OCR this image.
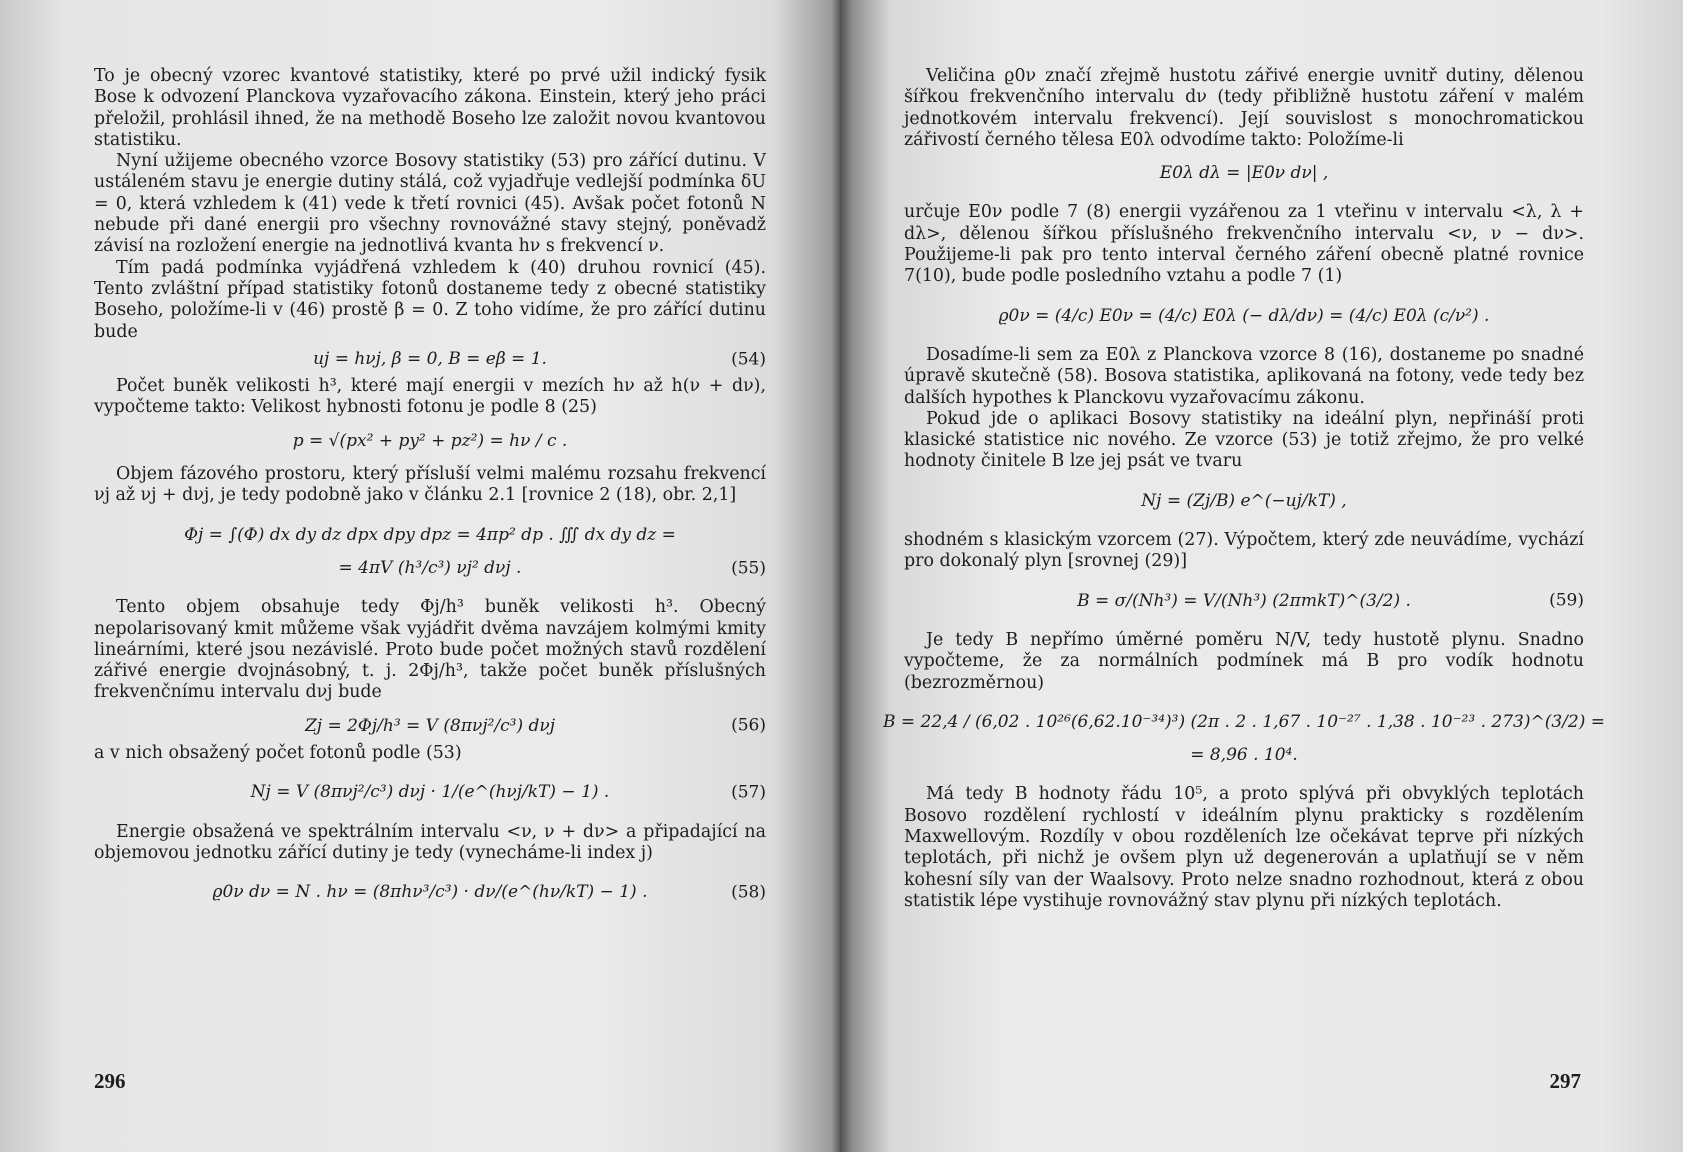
To je obecný vzorec kvantové statistiky, které po prvé užil indický fysik Bose k odvození Planckova vyzařovacího zákona. Einstein, který jeho práci přeložil, prohlásil ihned, že na methodě Boseho lze založit novou kvantovou statistiku.

Nyní užijeme obecného vzorce Bosovy statistiky (53) pro zářící dutinu. V ustáleném stavu je energie dutiny stálá, což vyjadřuje vedlejší podmínka δU = 0, která vzhledem k (41) vede k třetí rovnici (45). Avšak počet fotonů N nebude při dané energii pro všechny rovnovážné stavy stejný, poněvadž závisí na rozložení energie na jednotlivá kvanta hν s frekvencí ν.

Tím padá podmínka vyjádřená vzhledem k (40) druhou rovnicí (45). Tento zvláštní případ statistiky fotonů dostaneme tedy z obecné statistiky Boseho, položíme-li v (46) prostě β = 0. Z toho vidíme, že pro zářící dutinu bude

uj = hνj, β = 0, B = eβ = 1.	(54)

Počet buněk velikosti h³, které mají energii v mezích hν až h(ν + dν), vypočteme takto: Velikost hybnosti fotonu je podle 8 (25)

p = √(px² + py² + pz²) = hν / c .

Objem fázového prostoru, který přísluší velmi malému rozsahu frekvencí νj až νj + dνj, je tedy podobně jako v článku 2.1 [rovnice 2 (18), obr. 2,1]

Φj = ∫(Φ) dx dy dz dpx dpy dpz = 4πp² dp . ∭ dx dy dz =
= 4πV (h³/c³) νj² dνj .	(55)

Tento objem obsahuje tedy Φj/h³ buněk velikosti h³. Obecný nepolarisovaný kmit můžeme však vyjádřit dvěma navzájem kolmými kmity lineárními, které jsou nezávislé. Proto bude počet možných stavů rozdělení zářivé energie dvojnásobný, t. j. 2Φj/h³, takže počet buněk příslušných frekvenčnímu intervalu dνj bude

Zj = 2Φj/h³ = V (8πνj²/c³) dνj	(56)

a v nich obsažený počet fotonů podle (53)

Nj = V (8πνj²/c³) dνj · 1/(e^(hνj/kT) − 1) .	(57)

Energie obsažená ve spektrálním intervalu <ν, ν + dν> a připadající na objemovou jednotku zářící dutiny je tedy (vynecháme-li index j)

ϱ0ν dν = N . hν = (8πhν³/c³) · dν/(e^(hν/kT) − 1) .	(58)
296

Veličina ϱ0ν značí zřejmě hustotu zářivé energie uvnitř dutiny, dělenou šířkou frekvenčního intervalu dν (tedy přibližně hustotu záření v malém jednotkovém intervalu frekvencí). Její souvislost s monochromatickou zářivostí černého tělesa E0λ odvodíme takto: Položíme-li

E0λ dλ = |E0ν dν| ,

určuje E0ν podle 7 (8) energii vyzářenou za 1 vteřinu v intervalu <λ, λ + dλ>, dělenou šířkou příslušného frekvenčního intervalu <ν, ν − dν>. Použijeme-li pak pro tento interval černého záření obecně platné rovnice 7(10), bude podle posledního vztahu a podle 7 (1)

ϱ0ν = (4/c) E0ν = (4/c) E0λ (− dλ/dν) = (4/c) E0λ (c/ν²) .

Dosadíme-li sem za E0λ z Planckova vzorce 8 (16), dostaneme po snadné úpravě skutečně (58). Bosova statistika, aplikovaná na fotony, vede tedy bez dalších hypothes k Planckovu vyzařovacímu zákonu.

Pokud jde o aplikaci Bosovy statistiky na ideální plyn, nepřináší proti klasické statistice nic nového. Ze vzorce (53) je totiž zřejmo, že pro velké hodnoty činitele B lze jej psát ve tvaru

Nj = (Zj/B) e^(−uj/kT) ,

shodném s klasickým vzorcem (27). Výpočtem, který zde neuvádíme, vychází pro dokonalý plyn [srovnej (29)]

B = σ/(Nh³) = V/(Nh³) (2πmkT)^(3/2) .	(59)

Je tedy B nepřímo úměrné poměru N/V, tedy hustotě plynu. Snadno vypočteme, že za normálních podmínek má B pro vodík hodnotu (bezrozměrnou)

B = 22,4 / (6,02 . 10²⁶(6,62.10⁻³⁴)³) (2π . 2 . 1,67 . 10⁻²⁷ . 1,38 . 10⁻²³ . 273)^(3/2) =
= 8,96 . 10⁴.

Má tedy B hodnoty řádu 10⁵, a proto splývá při obvyklých teplotách Bosovo rozdělení rychlostí v ideálním plynu prakticky s rozdělením Maxwellovým. Rozdíly v obou rozděleních lze očekávat teprve při nízkých teplotách, při nichž je ovšem plyn už degenerován a uplatňují se v něm kohesní síly van der Waalsovy. Proto nelze snadno rozhodnout, která z obou statistik lépe vystihuje rovnovážný stav plynu při nízkých teplotách.

297
